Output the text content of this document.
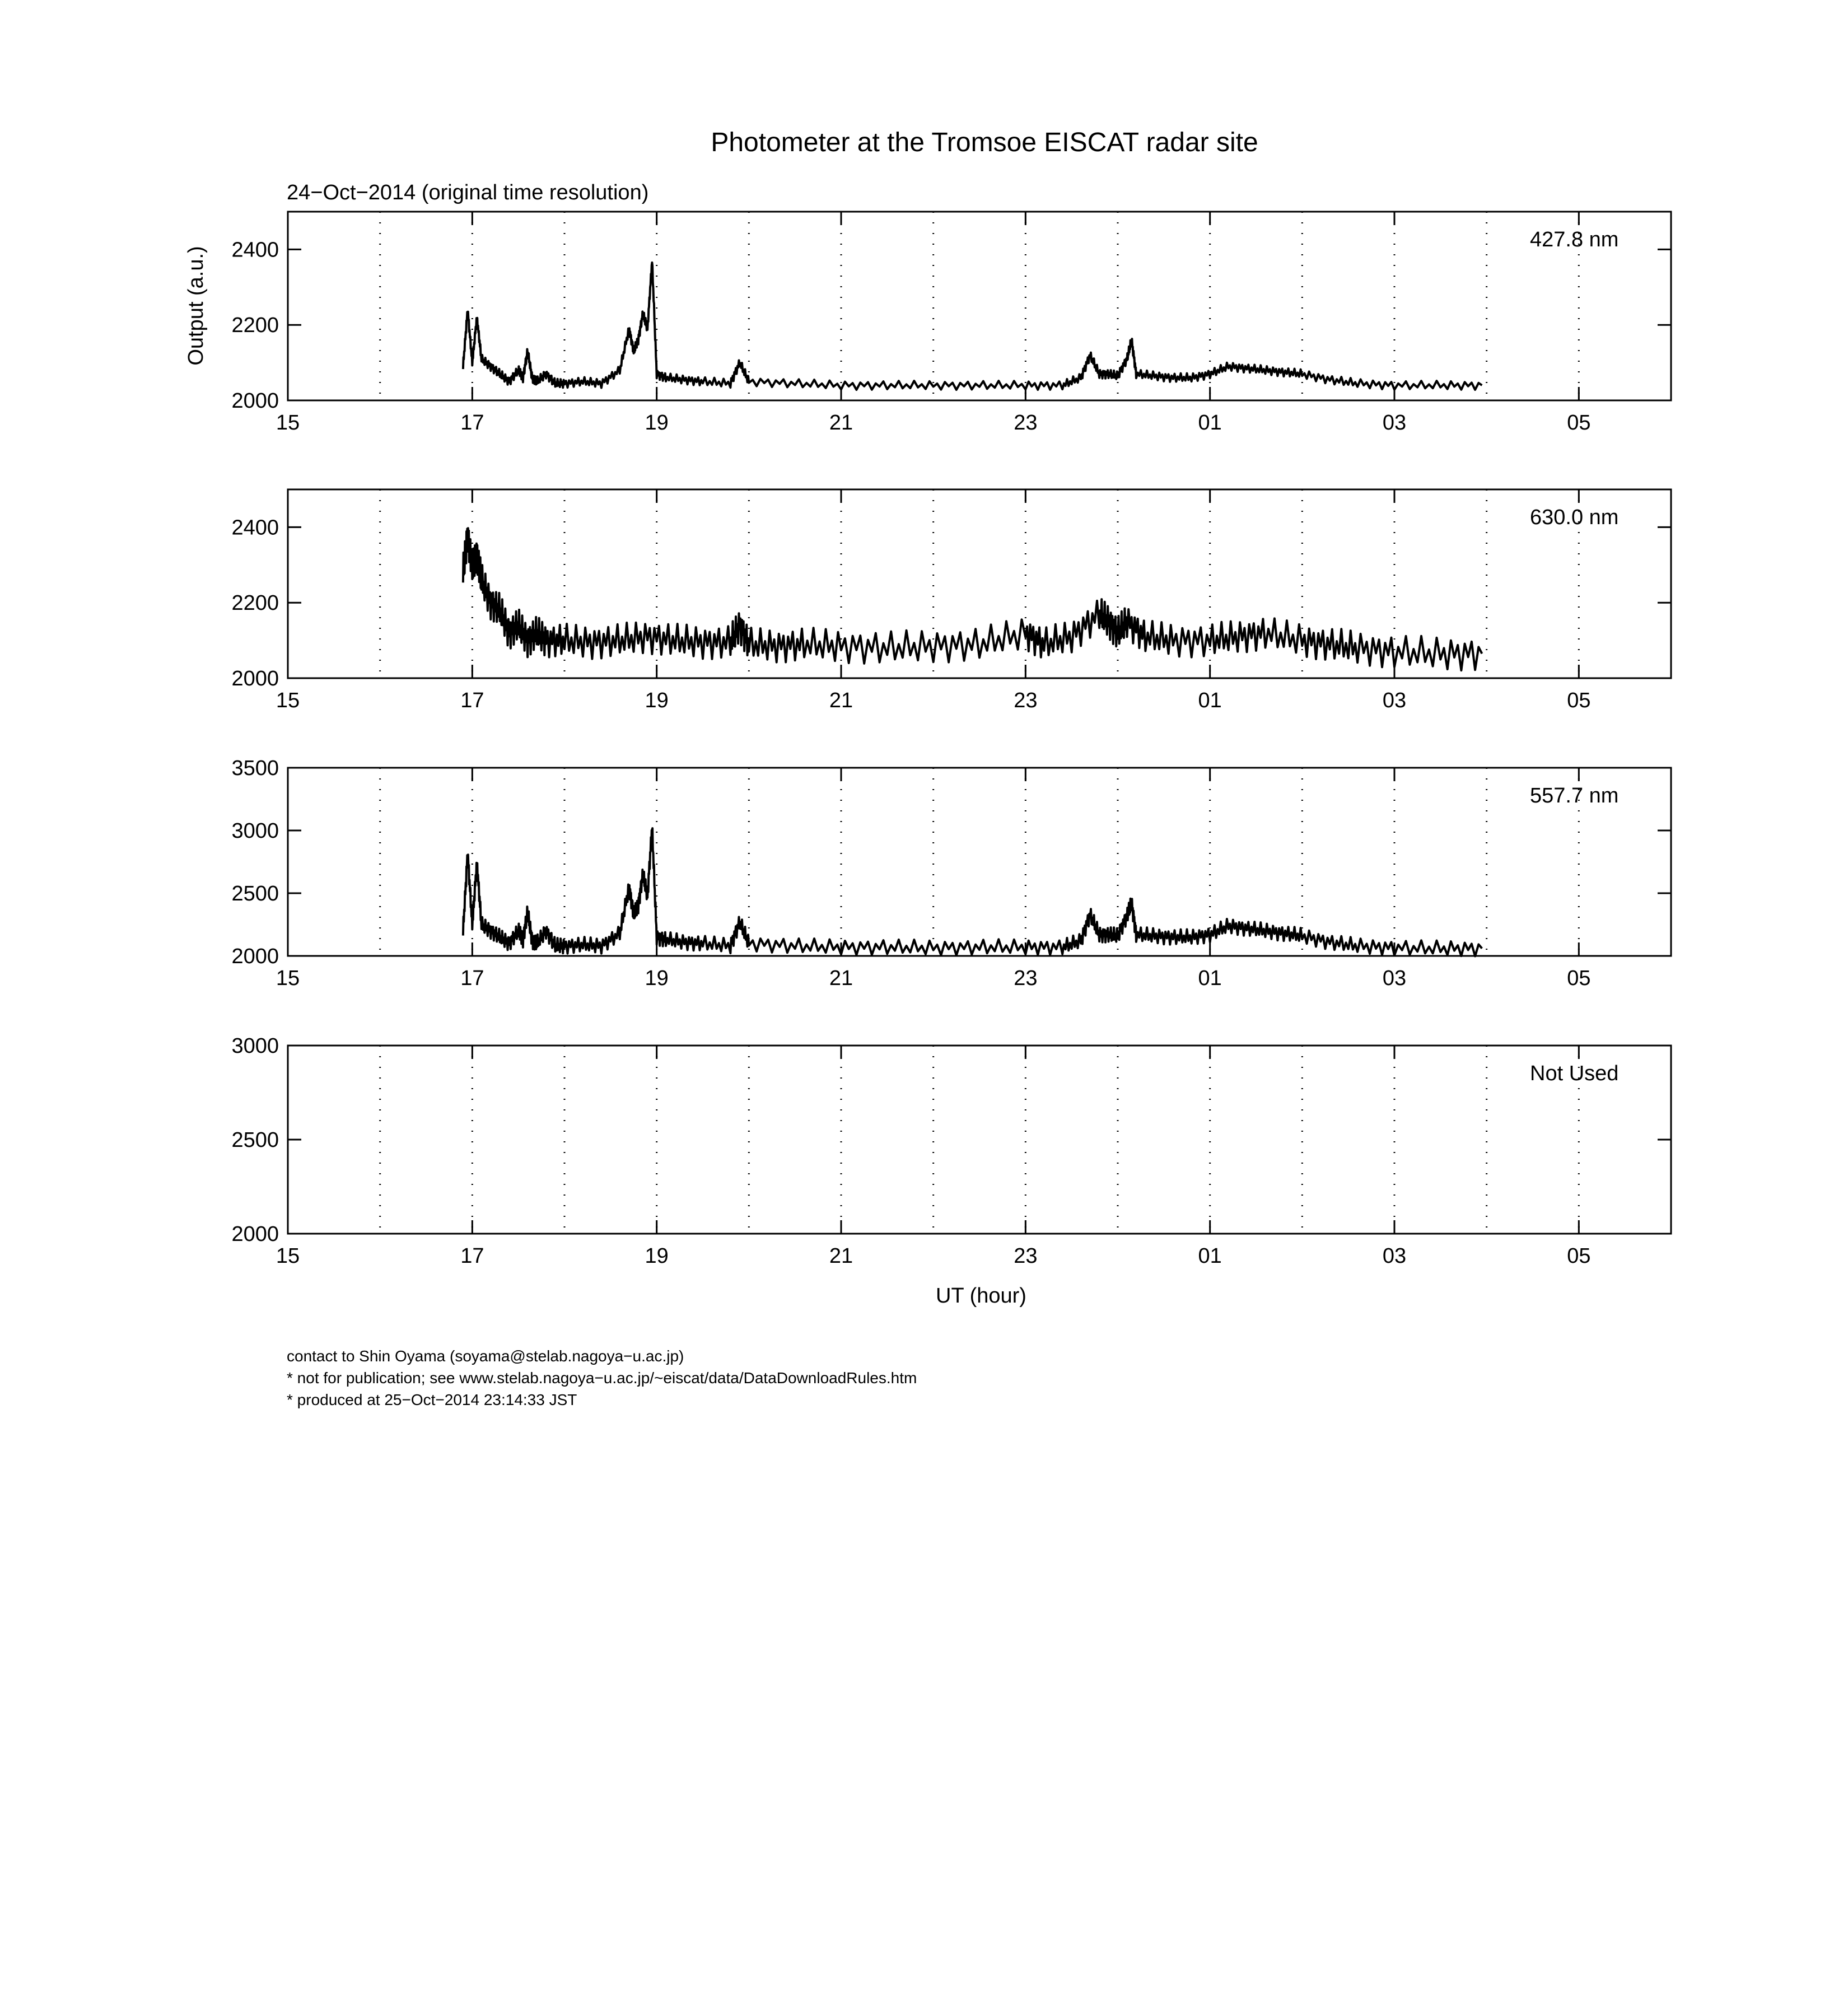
Photometer at the Tromsoe EISCAT radar site
24−Oct−2014 (original time resolution)
Output (a.u.)
UT (hour)
2000
2200
2400
15	17	19	21	23	01	03	05
427.8 nm
2000
2200
2400
15	17	19	21	23	01	03	05
630.0 nm
2000
2500
3000
3500
15	17	19	21	23	01	03	05
557.7 nm
2000
2500
3000
15	17	19	21	23	01	03	05
Not Used
contact to Shin Oyama (soyama@stelab.nagoya−u.ac.jp)
* not for publication; see www.stelab.nagoya−u.ac.jp/~eiscat/data/DataDownloadRules.htm
* produced at 25−Oct−2014 23:14:33 JST
